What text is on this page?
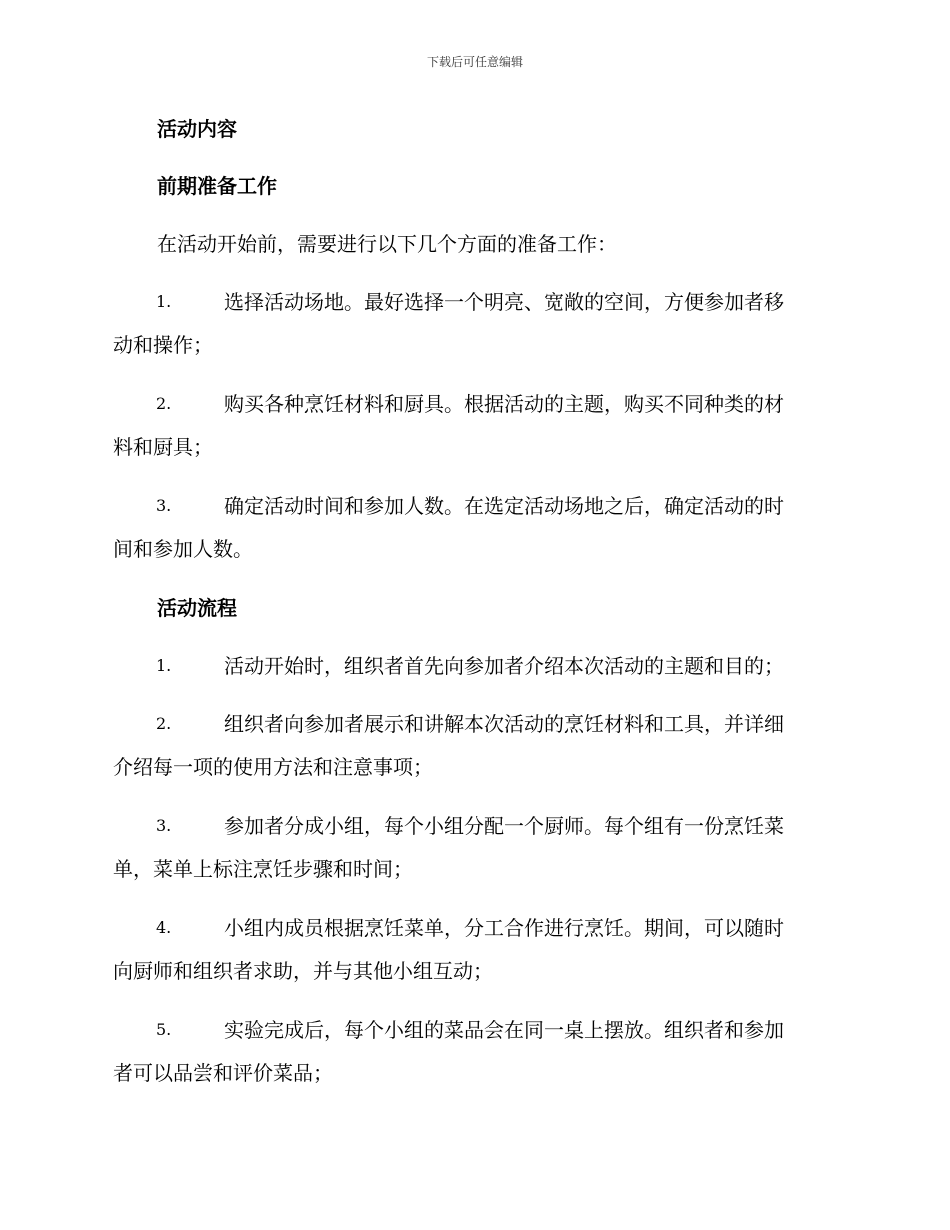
下载后可任意编辑
活动内容
前期准备工作
在活动开始前，需要进行以下几个方面的准备工作：
1.	选择活动场地。最好选择一个明亮、宽敞的空间，方便参加者移
动和操作；
2.	购买各种烹饪材料和厨具。根据活动的主题，购买不同种类的材
料和厨具；
3.	确定活动时间和参加人数。在选定活动场地之后，确定活动的时
间和参加人数。
活动流程
1.	活动开始时，组织者首先向参加者介绍本次活动的主题和目的；
2.	组织者向参加者展示和讲解本次活动的烹饪材料和工具，并详细
介绍每一项的使用方法和注意事项；
3.	参加者分成小组，每个小组分配一个厨师。每个组有一份烹饪菜
单，菜单上标注烹饪步骤和时间；
4.	小组内成员根据烹饪菜单，分工合作进行烹饪。期间，可以随时
向厨师和组织者求助，并与其他小组互动；
5.	实验完成后，每个小组的菜品会在同一桌上摆放。组织者和参加
者可以品尝和评价菜品；
